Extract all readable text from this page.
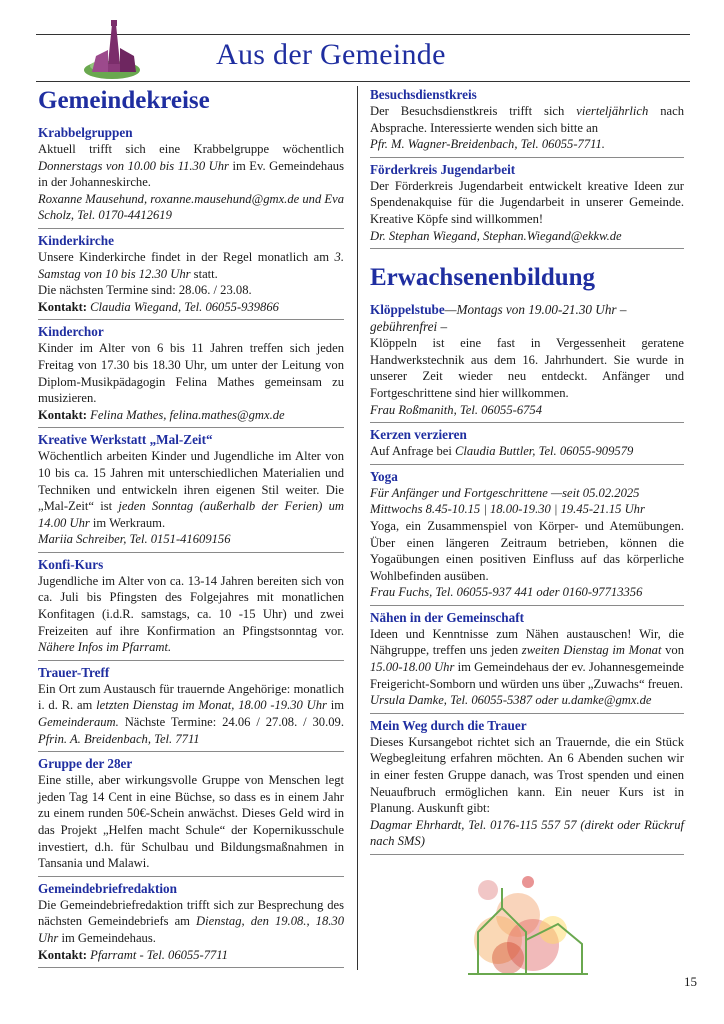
Aus der Gemeinde
Gemeindekreise
Krabbelgruppen

Aktuell trifft sich eine Krabbelgruppe wöchentlich Donnerstags von 10.00 bis 11.30 Uhr im Ev. Gemeindehaus in der Johanneskirche.
Roxanne Mausehund, roxanne.mausehund@gmx.de und Eva Scholz, Tel. 0170-4412619

Kinderkirche

Unsere Kinderkirche findet in der Regel monatlich am 3. Samstag von 10 bis 12.30 Uhr statt.
Die nächsten Termine sind: 28.06. / 23.08.
Kontakt: Claudia Wiegand, Tel. 06055-939866

Kinderchor

Kinder im Alter von 6 bis 11 Jahren treffen sich jeden Freitag von 17.30 bis 18.30 Uhr, um unter der Leitung von Diplom-Musikpädagogin Felina Mathes gemeinsam zu musizieren.
Kontakt: Felina Mathes, felina.mathes@gmx.de

Kreative Werkstatt „Mal-Zeit“

Wöchentlich arbeiten Kinder und Jugendliche im Alter von 10 bis ca. 15 Jahren mit unterschiedlichen Materialien und Techniken und entwickeln ihren eigenen Stil weiter. Die „Mal-Zeit“ ist jeden Sonntag (außerhalb der Ferien) um 14.00 Uhr im Werkraum.
Mariia Schreiber, Tel. 0151-41609156

Konfi-Kurs

Jugendliche im Alter von ca. 13-14 Jahren bereiten sich von ca. Juli bis Pfingsten des Folgejahres mit monatlichen Konfitagen (i.d.R. samstags, ca. 10 -15 Uhr) und zwei Freizeiten auf ihre Konfirmation an Pfingstsonntag vor. Nähere Infos im Pfarramt.

Trauer-Treff

Ein Ort zum Austausch für trauernde Angehörige: monatlich i. d. R. am letzten Dienstag im Monat, 18.00 -19.30 Uhr im Gemeinderaum. Nächste Termine: 24.06 / 27.08. / 30.09. Pfrin. A. Breidenbach, Tel. 7711

Gruppe der 28er

Eine stille, aber wirkungsvolle Gruppe von Menschen legt jeden Tag 14 Cent in eine Büchse, so dass es in einem Jahr zu einem runden 50€-Schein anwächst. Dieses Geld wird in das Projekt „Helfen macht Schule“ der Kopernikusschule investiert, d.h. für Schulbau und Bildungsmaßnahmen in Tansania und Malawi.

Gemeindebriefredaktion

Die Gemeindebriefredaktion trifft sich zur Besprechung des nächsten Gemeindebriefs am Dienstag, den 19.08., 18.30 Uhr im Gemeindehaus.
Kontakt: Pfarramt - Tel. 06055-7711

Besuchsdienstkreis

Der Besuchsdienstkreis trifft sich vierteljährlich nach Absprache. Interessierte wenden sich bitte an
Pfr. M. Wagner-Breidenbach, Tel. 06055-7711.

Förderkreis Jugendarbeit

Der Förderkreis Jugendarbeit entwickelt kreative Ideen zur Spendenakquise für die Jugendarbeit in unserer Gemeinde. Kreative Köpfe sind willkommen!
Dr. Stephan Wiegand, Stephan.Wiegand@ekkw.de

Erwachsenenbildung
Klöppelstube—Montags von 19.00-21.30 Uhr – gebührenfrei –

Klöppeln ist eine fast in Vergessenheit geratene Handwerkstechnik aus dem 16. Jahrhundert. Sie wurde in unserer Zeit wieder neu entdeckt. Anfänger und Fortgeschrittene sind hier willkommen.
Frau Roßmanith, Tel. 06055-6754

Kerzen verzieren

Auf Anfrage bei Claudia Buttler, Tel. 06055-909579

Yoga

Für Anfänger und Fortgeschrittene —seit 05.02.2025
Mittwochs 8.45-10.15 | 18.00-19.30 | 19.45-21.15 Uhr
Yoga, ein Zusammenspiel von Körper- und Atemübungen. Über einen längeren Zeitraum betrieben, können die Yogaübungen einen positiven Einfluss auf das körperliche Wohlbefinden ausüben.
Frau Fuchs, Tel. 06055-937 441 oder 0160-97713356

Nähen in der Gemeinschaft

Ideen und Kenntnisse zum Nähen austauschen! Wir, die Nähgruppe, treffen uns jeden zweiten Dienstag im Monat von 15.00-18.00 Uhr im Gemeindehaus der ev. Johannesgemeinde Freigericht-Somborn und würden uns über „Zuwachs“ freuen.
Ursula Damke, Tel. 06055-5387 oder u.damke@gmx.de

Mein Weg durch die Trauer

Dieses Kursangebot richtet sich an Trauernde, die ein Stück Wegbegleitung erfahren möchten. An 6 Abenden suchen wir in einer festen Gruppe danach, was Trost spenden und einen Neuaufbruch ermöglichen kann. Ein neuer Kurs ist in Planung. Auskunft gibt:
Dagmar Ehrhardt, Tel. 0176-115 557 57 (direkt oder Rückruf nach SMS)

15
